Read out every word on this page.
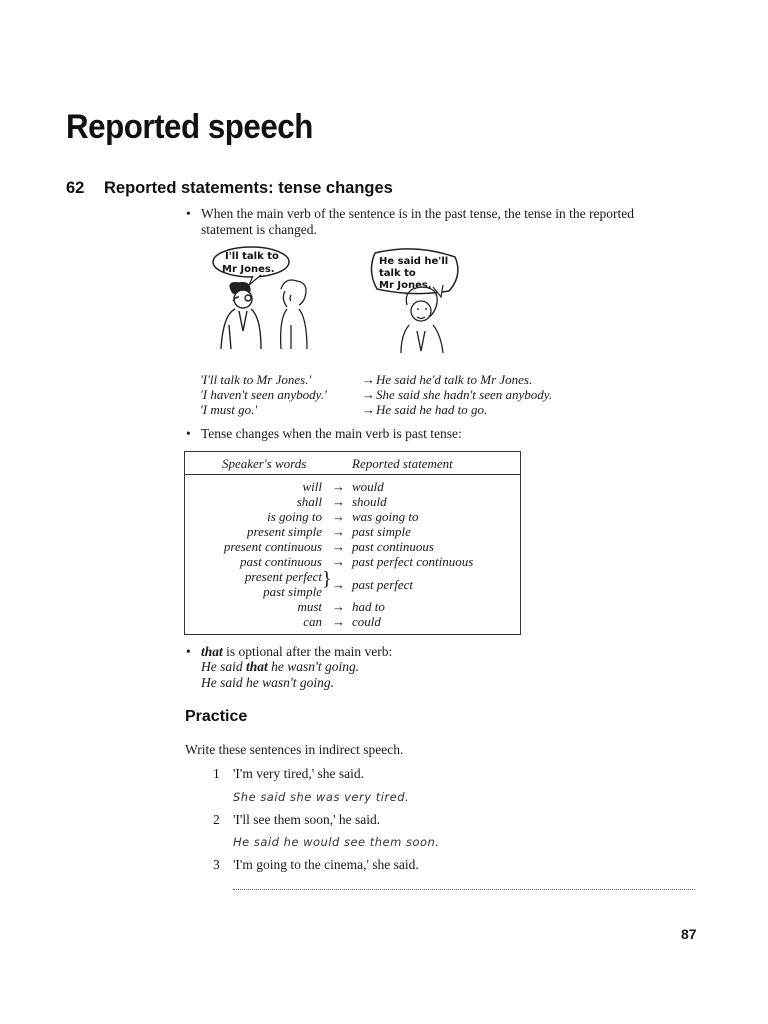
Reported speech
62 Reported statements: tense changes
• When the main verb of the sentence is in the past tense, the tense in the reported statement is changed.
I'll talk to
Mr Jones.
He said he'll
talk to
Mr Jones.
'I'll talk to Mr Jones.'	→ He said he'd talk to Mr Jones.
'I haven't seen anybody.'	→ She said she hadn't seen anybody.
'I must go.'	→ He said he had to go.
• Tense changes when the main verb is past tense:
Speaker's words	Reported statement
will → would
shall → should
is going to → was going to
present simple → past simple
present continuous → past continuous
past continuous → past perfect continuous
present perfect
past simple
} → past perfect
must → had to
can → could
• that is optional after the main verb:
He said that he wasn't going.
He said he wasn't going.
Practice
Write these sentences in indirect speech.
1 'I'm very tired,' she said.
She said she was very tired.
2 'I'll see them soon,' he said.
He said he would see them soon.
3 'I'm going to the cinema,' she said.
87
